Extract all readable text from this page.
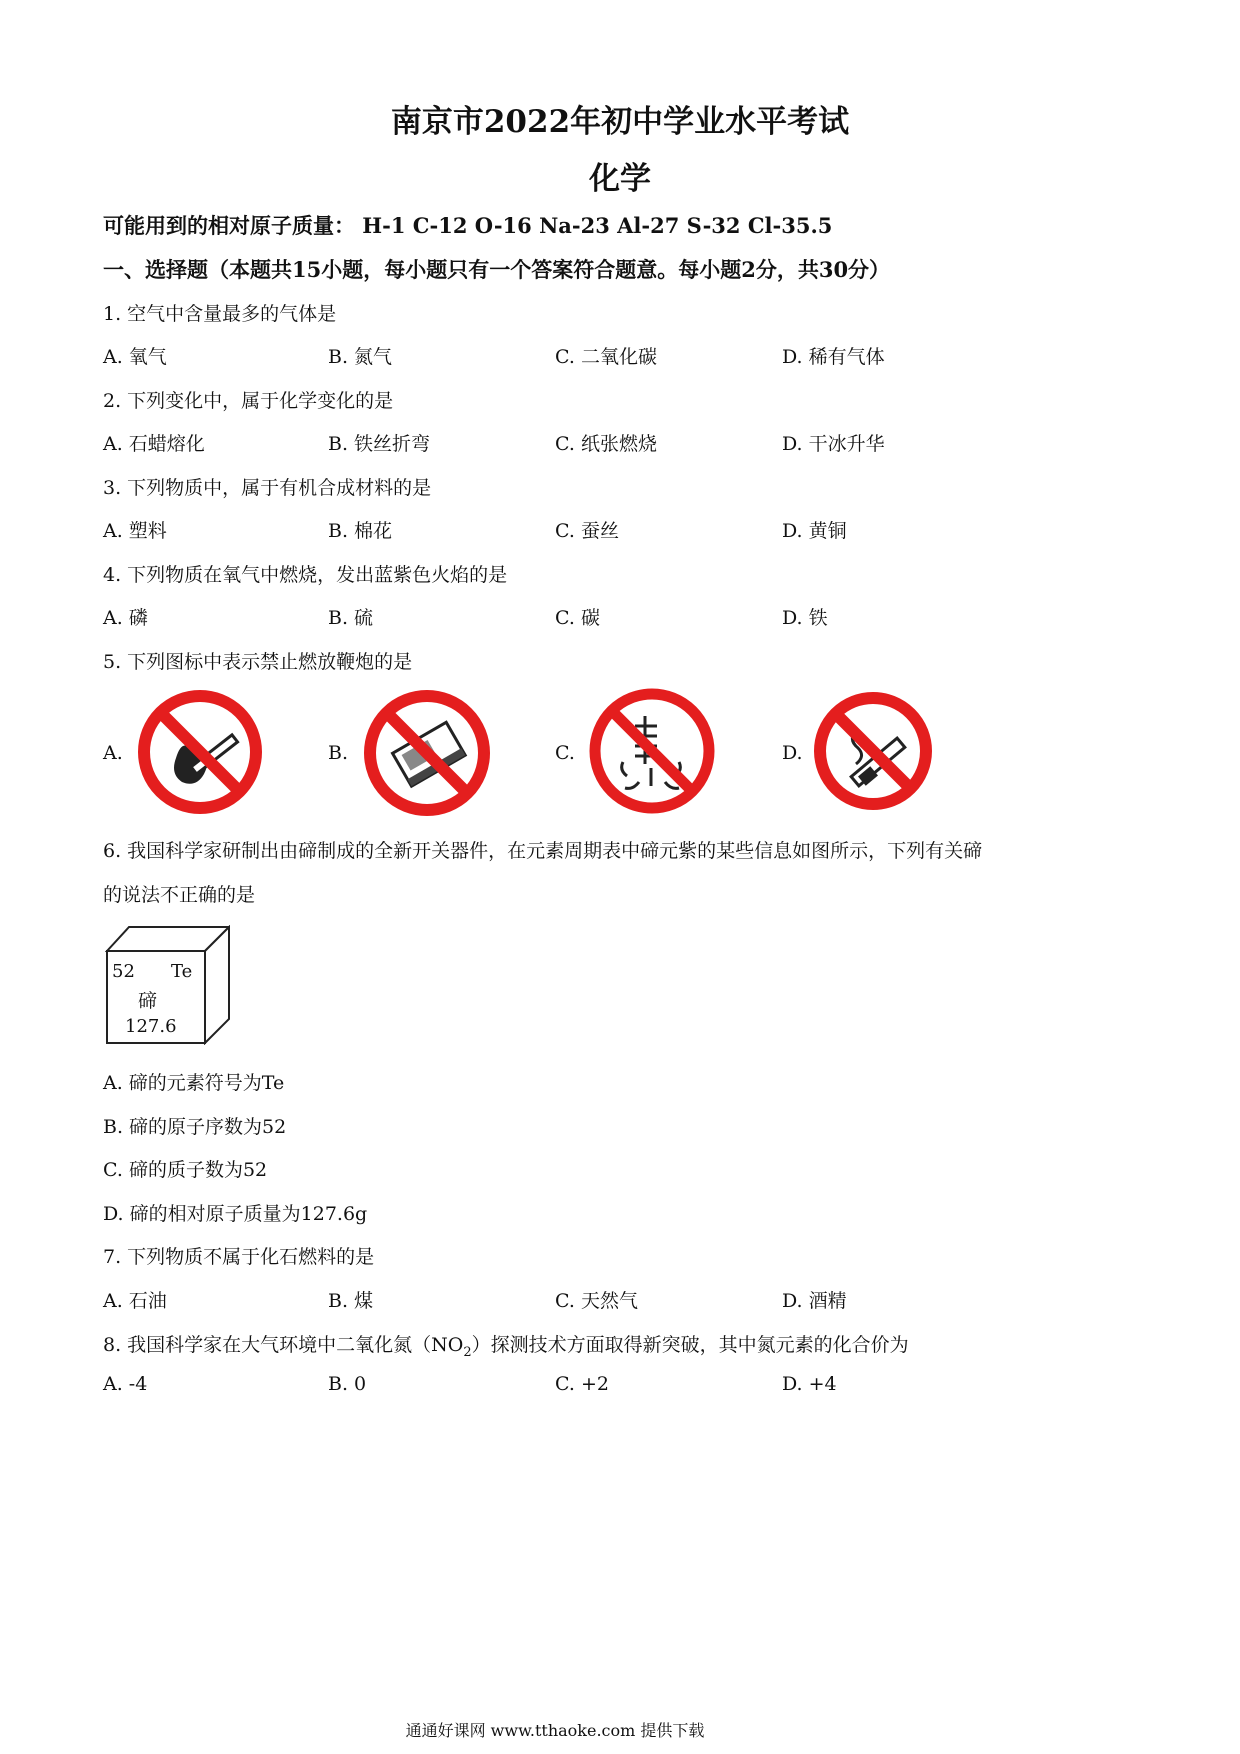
南京市2022年初中学业水平考试
化学
可能用到的相对原子质量： H-1 C-12 O-16 Na-23 Al-27 S-32 Cl-35.5
一、选择题（本题共15小题，每小题只有一个答案符合题意。每小题2分，共30分）
1. 空气中含量最多的气体是
A. 氧气	B. 氮气	C. 二氧化碳	D. 稀有气体
2. 下列变化中，属于化学变化的是
A. 石蜡熔化	B. 铁丝折弯	C. 纸张燃烧	D. 干冰升华
3. 下列物质中，属于有机合成材料的是
A. 塑料	B. 棉花	C. 蚕丝	D. 黄铜
4. 下列物质在氧气中燃烧，发出蓝紫色火焰的是
A. 磷	B. 硫	C. 碳	D. 铁
5. 下列图标中表示禁止燃放鞭炮的是
A.	B.	C.	D.
6. 我国科学家研制出由碲制成的全新开关器件，在元素周期表中碲元紫的某些信息如图所示，下列有关碲
的说法不正确的是
52 Te
碲
127.6
A. 碲的元素符号为Te
B. 碲的原子序数为52
C. 碲的质子数为52
D. 碲的相对原子质量为127.6g
7. 下列物质不属于化石燃料的是
A. 石油	B. 煤	C. 天然气	D. 酒精
8. 我国科学家在大气环境中二氧化氮$(NO_2)$探测技术方面取得新突破，其中氮元素的化合价为
A. -4	B. 0	C. +2	D. +4
通通好课网 www.tthaoke.com 提供下载
